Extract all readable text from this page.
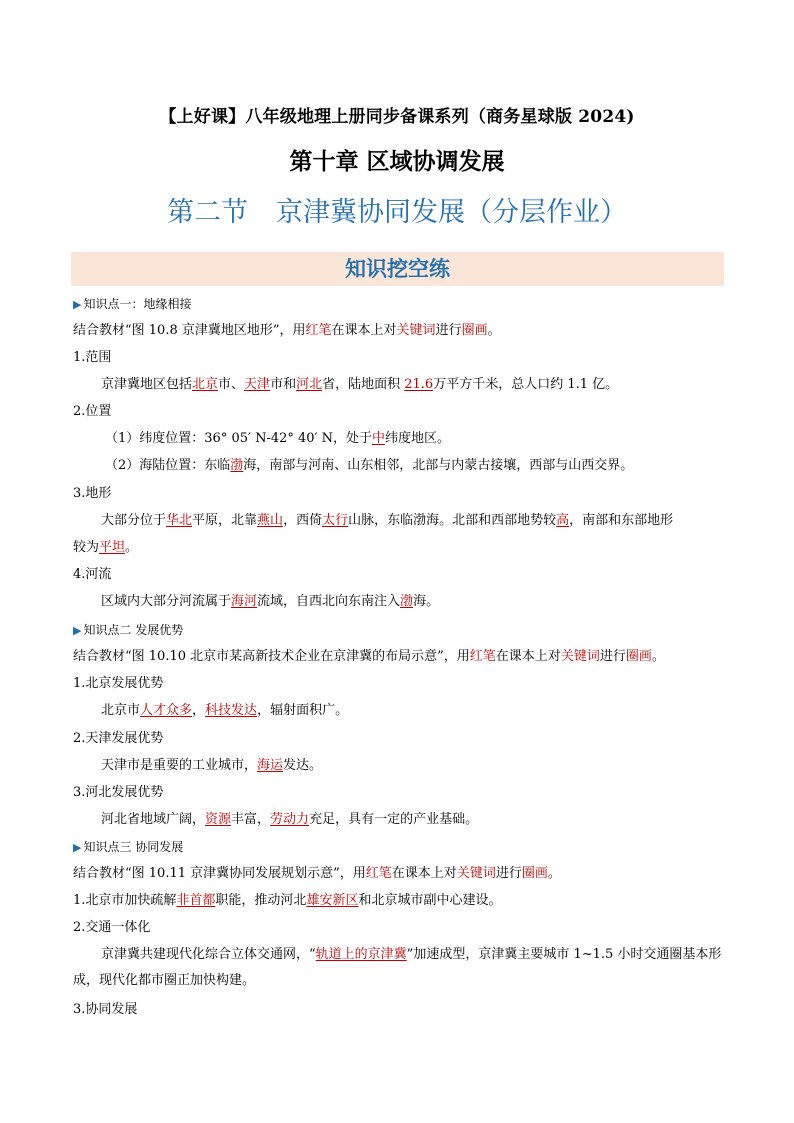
【上好课】八年级地理上册同步备课系列（商务星球版 2024)
第十章 区域协调发展
第二节 京津冀协同发展（分层作业）
知识挖空练
▶ 知识点一：地缘相接
结合教材“图 10.8 京津冀地区地形”，用红笔在课本上对关键词进行圈画。
1.范围
京津冀地区包括北京市、天津市和河北省，陆地面积 21.6万平方千米，总人口约 1.1 亿。
2.位置
（1）纬度位置：36° 05′ N-42° 40′ N，处于中纬度地区。
（2）海陆位置：东临渤海，南部与河南、山东相邻，北部与内蒙古接壤，西部与山西交界。
3.地形
大部分位于华北平原，北靠燕山，西倚太行山脉，东临渤海。北部和西部地势较高，南部和东部地形
较为平坦。
4.河流
区域内大部分河流属于海河流域，自西北向东南注入渤海。
▶ 知识点二 发展优势
结合教材“图 10.10 北京市某高新技术企业在京津冀的布局示意”，用红笔在课本上对关键词进行圈画。
1.北京发展优势
北京市人才众多，科技发达，辐射面积广。
2.天津发展优势
天津市是重要的工业城市，海运发达。
3.河北发展优势
河北省地域广阔，资源丰富，劳动力充足，具有一定的产业基础。
▶ 知识点三 协同发展
结合教材“图 10.11 京津冀协同发展规划示意”，用红笔在课本上对关键词进行圈画。
1.北京市加快疏解非首都职能，推动河北雄安新区和北京城市副中心建设。
2.交通一体化
京津冀共建现代化综合立体交通网，“轨道上的京津冀”加速成型，京津冀主要城市 1~1.5 小时交通圈基本形成，现代化都市圈正加快构建。
3.协同发展
